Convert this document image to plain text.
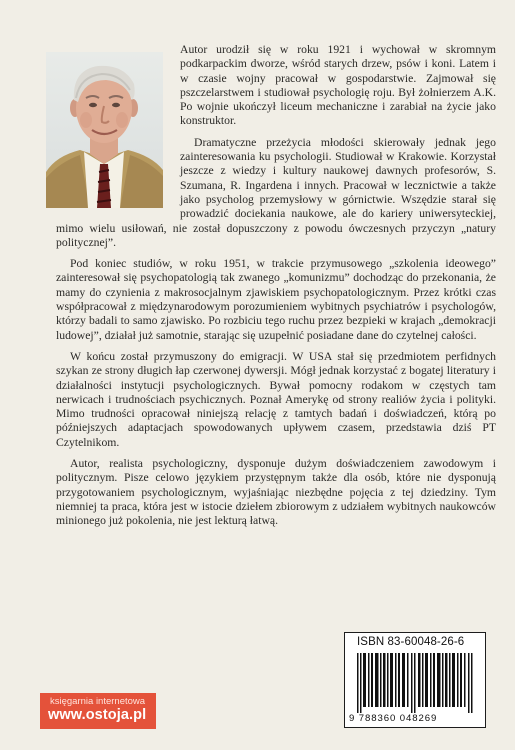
Autor urodził się w roku 1921 i wychował w skromnym podkarpackim dworze, wśród starych drzew, psów i koni. Latem i w czasie wojny pracował w gospodarstwie. Zajmował się pszczelarstwem i studiował psychologię roju. Był żołnierzem A.K. Po wojnie ukończył liceum mechaniczne i zarabiał na życie jako konstruktor.

Dramatyczne przeżycia młodości skierowały jednak jego zainteresowania ku psychologii. Studiował w Krakowie. Korzystał jeszcze z wiedzy i kultury naukowej dawnych profesorów, S. Szumana, R. Ingardena i innych. Pracował w lecznictwie a także jako psycholog przemysłowy w górnictwie. Wszędzie starał się prowadzić dociekania naukowe, ale do kariery uniwersyteckiej, mimo wielu usiłowań, nie został dopuszczony z powodu ówczesnych przyczyn „natury politycznej”.

Pod koniec studiów, w roku 1951, w trakcie przymusowego „szkolenia ideowego” zainteresował się psychopatologią tak zwanego „komunizmu” dochodząc do przekonania, że mamy do czynienia z makrosocjalnym zjawiskiem psychopatologicznym. Przez krótki czas współpracował z międzynarodowym porozumieniem wybitnych psychiatrów i psychologów, którzy badali to samo zjawisko. Po rozbiciu tego ruchu przez bezpieki w krajach „demokracji ludowej”, działał już samotnie, starając się uzupełnić posiadane dane do czytelnej całości.

W końcu został przymuszony do emigracji. W USA stał się przedmiotem perfidnych szykan ze strony długich łap czerwonej dywersji. Mógł jednak korzystać z bogatej literatury i działalności instytucji psychologicznych. Bywał pomocny rodakom w częstych tam nerwicach i trudnościach psychicznych. Poznał Amerykę od strony realiów życia i polityki. Mimo trudności opracował niniejszą relację z tamtych badań i doświadczeń, którą po późniejszych adaptacjach spowodowanych upływem czasem, przedstawia dziś PT Czytelnikom.

Autor, realista psychologiczny, dysponuje dużym doświadczeniem zawodowym i politycznym. Pisze celowo językiem przystępnym także dla osób, które nie dysponują przygotowaniem psychologicznym, wyjaśniając niezbędne pojęcia z tej dziedziny. Tym niemniej ta praca, która jest w istocie dziełem zbiorowym z udziałem wybitnych naukowców minionego już pokolenia, nie jest lekturą łatwą.

ISBN 83-60048-26-6
9 788360 048269
księgarnia internetowa
www.ostoja.pl
